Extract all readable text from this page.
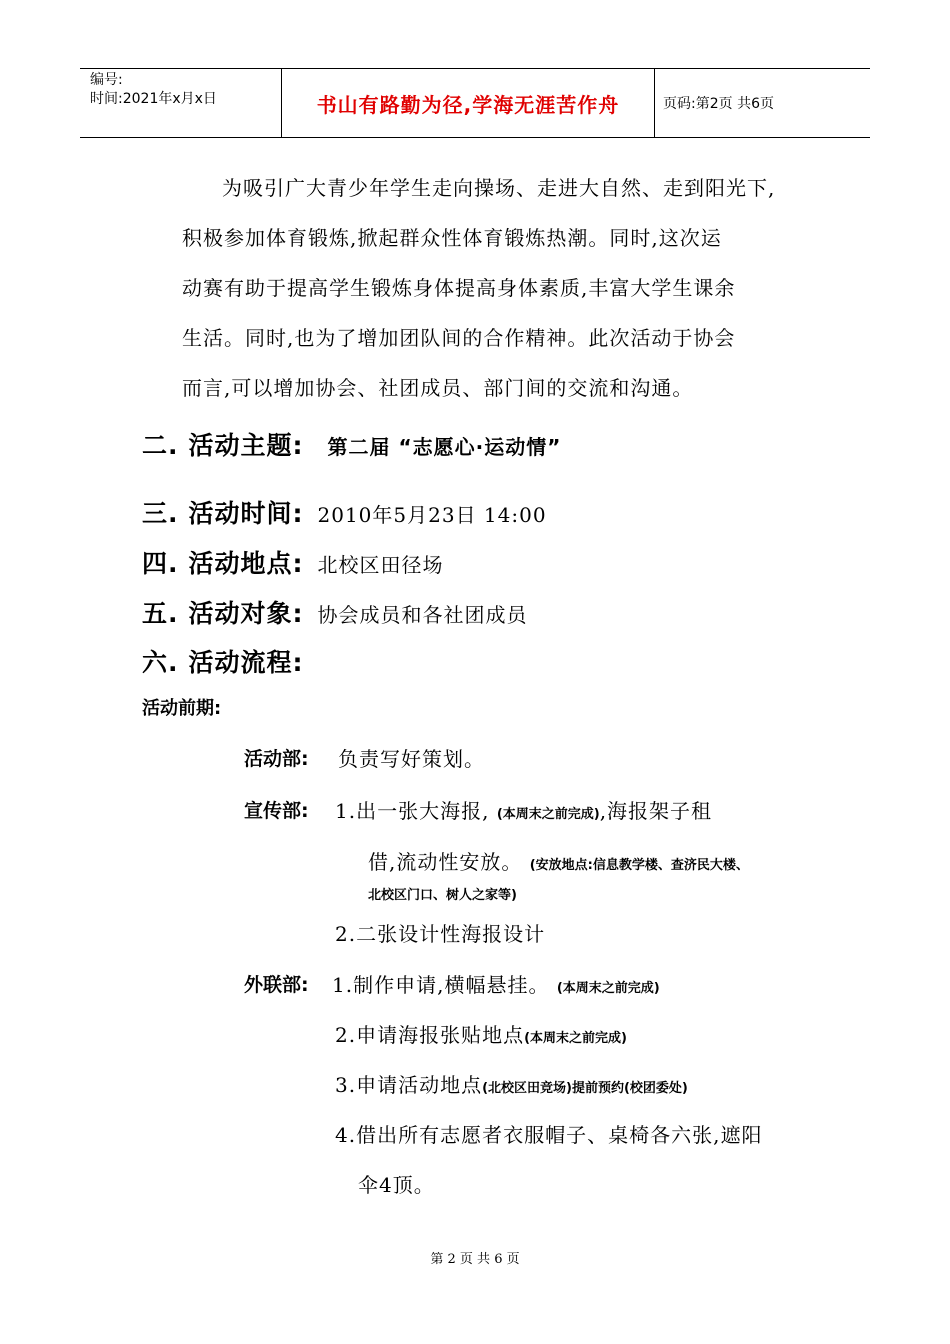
编号:
时间:2021年x月x日	书山有路勤为径,学海无涯苦作舟	页码:第2页 共6页
为吸引广大青少年学生走向操场、走进大自然、走到阳光下,
积极参加体育锻炼,掀起群众性体育锻炼热潮。同时,这次运
动赛有助于提高学生锻炼身体提高身体素质,丰富大学生课余
生活。同时,也为了增加团队间的合作精神。此次活动于协会
而言,可以增加协会、社团成员、部门间的交流和沟通。
二. 活动主题: 第二届 “志愿心·运动情”
三. 活动时间: 2010年5月23日 14:00
四. 活动地点: 北校区田径场
五. 活动对象: 协会成员和各社团成员
六. 活动流程:
活动前期:
活动部: 负责写好策划。
宣传部: 1.出一张大海报, (本周末之前完成),海报架子租
借,流动性安放。 (安放地点:信息教学楼、查济民大楼、
北校区门口、树人之家等)
2.二张设计性海报设计
外联部: 1.制作申请,横幅悬挂。 (本周末之前完成)
2.申请海报张贴地点(本周末之前完成)
3.申请活动地点(北校区田竞场)提前预约(校团委处)
4.借出所有志愿者衣服帽子、桌椅各六张,遮阳
伞4顶。
第 2 页 共 6 页
